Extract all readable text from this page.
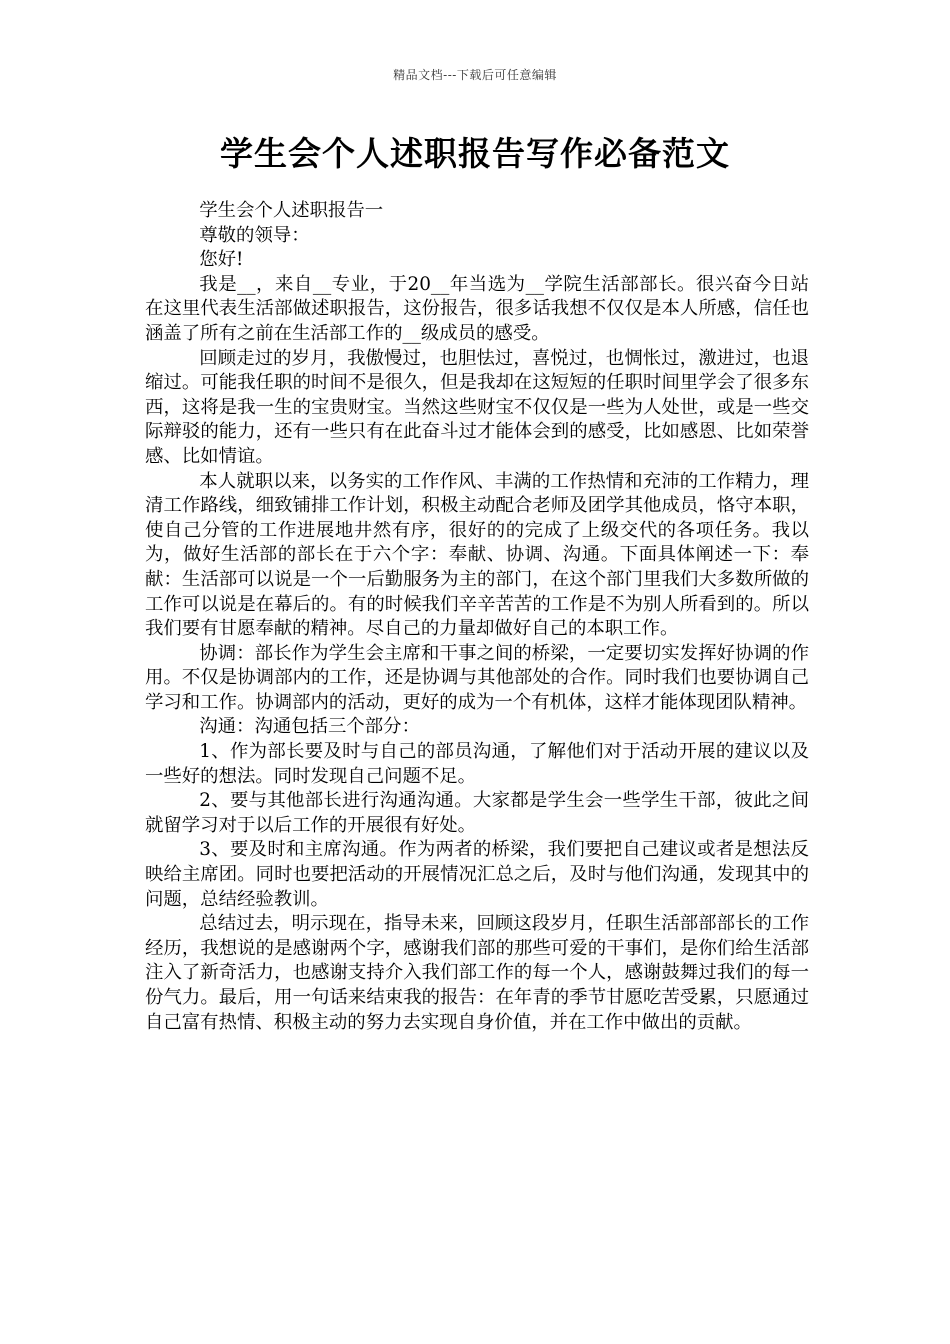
精品文档---下载后可任意编辑
学生会个人述职报告写作必备范文

学生会个人述职报告一

尊敬的领导：

您好!

我是__，来自__专业，于20__年当选为__学院生活部部长。很兴奋今日站在这里代表生活部做述职报告，这份报告，很多话我想不仅仅是本人所感，信任也涵盖了所有之前在生活部工作的__级成员的感受。

回顾走过的岁月，我傲慢过，也胆怯过，喜悦过，也惆怅过，激进过，也退缩过。可能我任职的时间不是很久，但是我却在这短短的任职时间里学会了很多东西，这将是我一生的宝贵财宝。当然这些财宝不仅仅是一些为人处世，或是一些交际辩驳的能力，还有一些只有在此奋斗过才能体会到的感受，比如感恩、比如荣誉感、比如情谊。

本人就职以来，以务实的工作作风、丰满的工作热情和充沛的工作精力，理清工作路线，细致铺排工作计划，积极主动配合老师及团学其他成员，恪守本职，使自己分管的工作进展地井然有序，很好的的完成了上级交代的各项任务。我以为，做好生活部的部长在于六个字：奉献、协调、沟通。下面具体阐述一下：奉献：生活部可以说是一个一后勤服务为主的部门，在这个部门里我们大多数所做的工作可以说是在幕后的。有的时候我们辛辛苦苦的工作是不为别人所看到的。所以我们要有甘愿奉献的精神。尽自己的力量却做好自己的本职工作。

协调：部长作为学生会主席和干事之间的桥梁，一定要切实发挥好协调的作用。不仅是协调部内的工作，还是协调与其他部处的合作。同时我们也要协调自己学习和工作。协调部内的活动，更好的成为一个有机体，这样才能体现团队精神。

沟通：沟通包括三个部分：

1、作为部长要及时与自己的部员沟通，了解他们对于活动开展的建议以及一些好的想法。同时发现自己问题不足。

2、要与其他部长进行沟通沟通。大家都是学生会一些学生干部，彼此之间就留学习对于以后工作的开展很有好处。

3、要及时和主席沟通。作为两者的桥梁，我们要把自己建议或者是想法反映给主席团。同时也要把活动的开展情况汇总之后，及时与他们沟通，发现其中的问题，总结经验教训。

总结过去，明示现在，指导未来，回顾这段岁月，任职生活部部部长的工作经历，我想说的是感谢两个字，感谢我们部的那些可爱的干事们，是你们给生活部注入了新奇活力，也感谢支持介入我们部工作的每一个人，感谢鼓舞过我们的每一份气力。最后，用一句话来结束我的报告：在年青的季节甘愿吃苦受累，只愿通过自己富有热情、积极主动的努力去实现自身价值，并在工作中做出的贡献。
